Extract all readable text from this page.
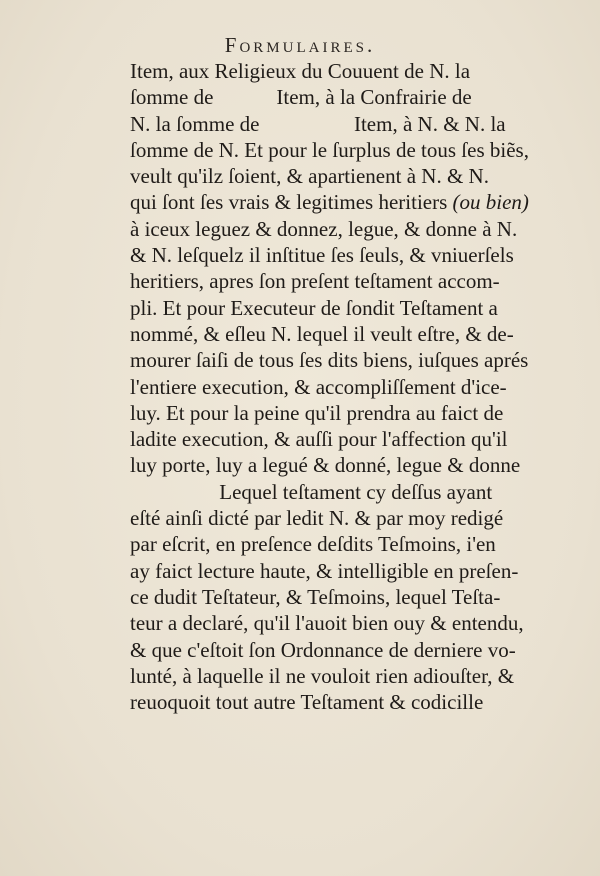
Formulaires.
Item, aux Religieux du Couuent de N. la
ſomme de	Item, à la Confrairie de
N. la ſomme de	Item, à N. & N. la
ſomme de N. Et pour le ſurplus de tous ſes biẽs,
veult qu'ilz ſoient, & apartienent à N. & N.
qui ſont ſes vrais & legitimes heritiers (ou bien)
à iceux leguez & donnez, legue, & donne à N.
& N. leſquelz il inſtitue ſes ſeuls, & vniuerſels
heritiers, apres ſon preſent teſtament accom-
pli. Et pour Executeur de ſondit Teſtament a
nommé, & eſleu N. lequel il veult eſtre, & de-
mourer ſaiſi de tous ſes dits biens, iuſques aprés
l'entiere execution, & accompliſſement d'ice-
luy. Et pour la peine qu'il prendra au faict de
ladite execution, & auſſi pour l'affection qu'il
luy porte, luy a legué & donné, legue & donne
Lequel teſtament cy deſſus ayant
eſté ainſi dicté par ledit N. & par moy redigé
par eſcrit, en preſence deſdits Teſmoins, i'en
ay faict lecture haute, & intelligible en preſen-
ce dudit Teſtateur, & Teſmoins, lequel Teſta-
teur a declaré, qu'il l'auoit bien ouy & entendu,
& que c'eſtoit ſon Ordonnance de derniere vo-
lunté, à laquelle il ne vouloit rien adiouſter, &
reuoquoit tout autre Teſtament & codicille
